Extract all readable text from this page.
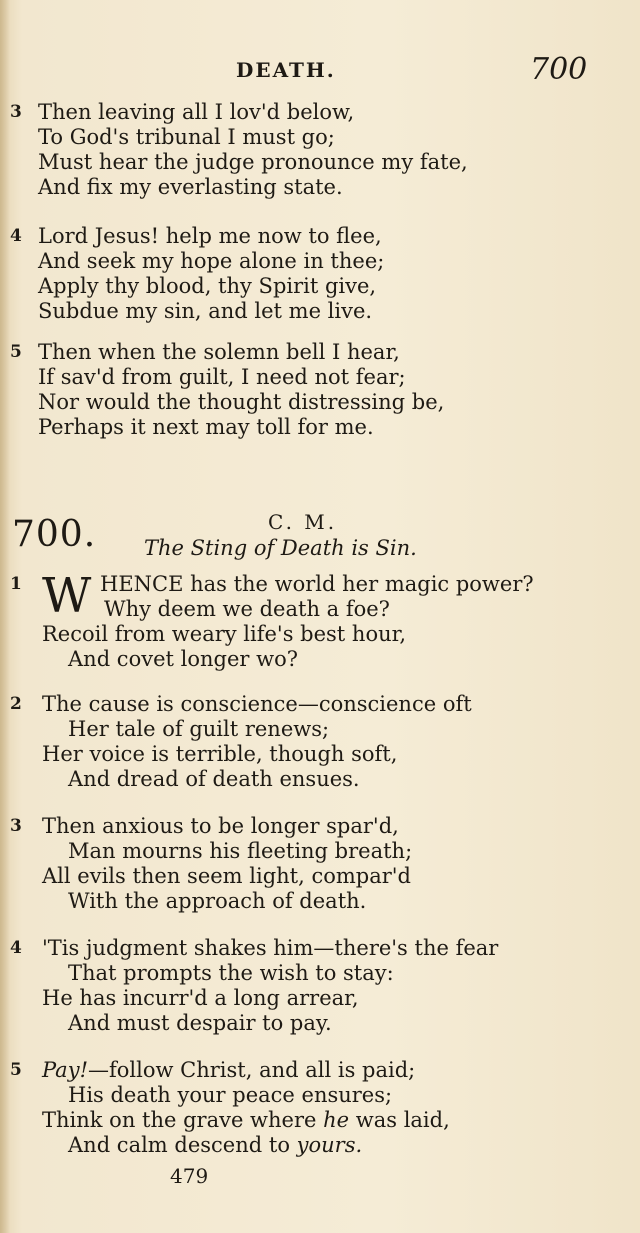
DEATH.	700
3 Then leaving all I lov'd below,
To God's tribunal I must go;
Must hear the judge pronounce my fate,
And fix my everlasting state.
4 Lord Jesus! help me now to flee,
And seek my hope alone in thee;
Apply thy blood, thy Spirit give,
Subdue my sin, and let me live.
5 Then when the solemn bell I hear,
If sav'd from guilt, I need not fear;
Nor would the thought distressing be,
Perhaps it next may toll for me.
700.	C. M.
The Sting of Death is Sin.
1 W HENCE has the world her magic power?
Why deem we death a foe?
Recoil from weary life's best hour,
And covet longer wo?
2 The cause is conscience—conscience oft
Her tale of guilt renews;
Her voice is terrible, though soft,
And dread of death ensues.
3 Then anxious to be longer spar'd,
Man mourns his fleeting breath;
All evils then seem light, compar'd
With the approach of death.
4 'Tis judgment shakes him—there's the fear
That prompts the wish to stay:
He has incurr'd a long arrear,
And must despair to pay.
5 Pay!—follow Christ, and all is paid;
His death your peace ensures;
Think on the grave where he was laid,
And calm descend to yours.
479
